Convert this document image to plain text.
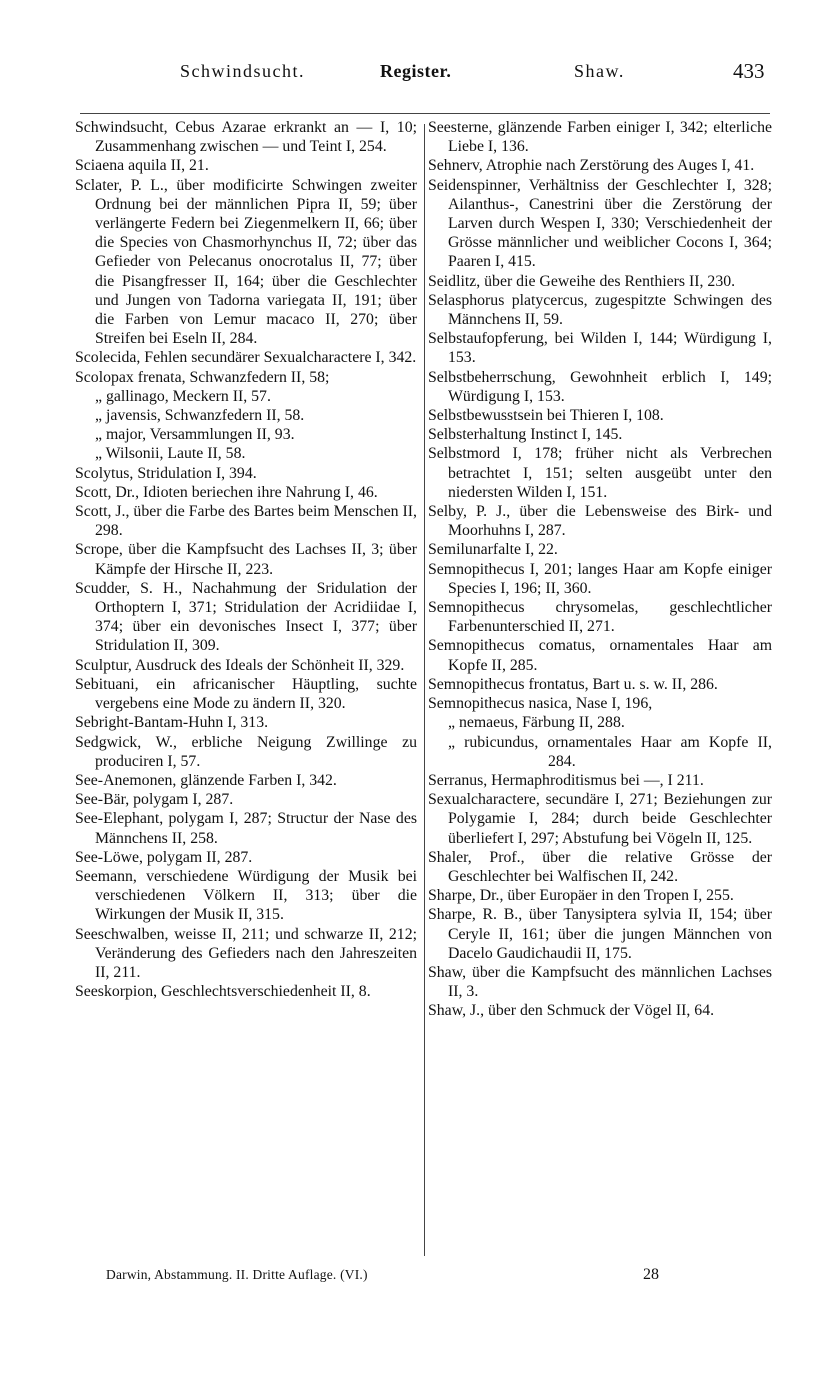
Schwindsucht.	Register.	Shaw.	433
Schwindsucht, Cebus Azarae erkrankt an — I, 10; Zusammenhang zwischen — und Teint I, 254.
Sciaena aquila II, 21.
Sclater, P. L., über modificirte Schwingen zweiter Ordnung bei der männlichen Pipra II, 59; über verlängerte Federn bei Ziegenmelkern II, 66; über die Species von Chasmorhynchus II, 72; über das Gefieder von Pelecanus onocrotalus II, 77; über die Pisangfresser II, 164; über die Geschlechter und Jungen von Tadorna variegata II, 191; über die Farben von Lemur macaco II, 270; über Streifen bei Eseln II, 284.
Scolecida, Fehlen secundärer Sexualcharactere I, 342.
Scolopax frenata, Schwanzfedern II, 58;
„ gallinago, Meckern II, 57.
„ javensis, Schwanzfedern II, 58.
„ major, Versammlungen II, 93.
„ Wilsonii, Laute II, 58.
Scolytus, Stridulation I, 394.
Scott, Dr., Idioten beriechen ihre Nahrung I, 46.
Scott, J., über die Farbe des Bartes beim Menschen II, 298.
Scrope, über die Kampfsucht des Lachses II, 3; über Kämpfe der Hirsche II, 223.
Scudder, S. H., Nachahmung der Sridulation der Orthoptern I, 371; Stridulation der Acridiidae I, 374; über ein devonisches Insect I, 377; über Stridulation II, 309.
Sculptur, Ausdruck des Ideals der Schönheit II, 329.
Sebituani, ein africanischer Häuptling, suchte vergebens eine Mode zu ändern II, 320.
Sebright-Bantam-Huhn I, 313.
Sedgwick, W., erbliche Neigung Zwillinge zu produciren I, 57.
See-Anemonen, glänzende Farben I, 342.
See-Bär, polygam I, 287.
See-Elephant, polygam I, 287; Structur der Nase des Männchens II, 258.
See-Löwe, polygam II, 287.
Seemann, verschiedene Würdigung der Musik bei verschiedenen Völkern II, 313; über die Wirkungen der Musik II, 315.
Seeschwalben, weisse II, 211; und schwarze II, 212; Veränderung des Gefieders nach den Jahreszeiten II, 211.
Seeskorpion, Geschlechtsverschiedenheit II, 8.
Seesterne, glänzende Farben einiger I, 342; elterliche Liebe I, 136.
Sehnerv, Atrophie nach Zerstörung des Auges I, 41.
Seidenspinner, Verhältniss der Geschlechter I, 328; Ailanthus-, Canestrini über die Zerstörung der Larven durch Wespen I, 330; Verschiedenheit der Grösse männlicher und weiblicher Cocons I, 364; Paaren I, 415.
Seidlitz, über die Geweihe des Renthiers II, 230.
Selasphorus platycercus, zugespitzte Schwingen des Männchens II, 59.
Selbstaufopferung, bei Wilden I, 144; Würdigung I, 153.
Selbstbeherrschung, Gewohnheit erblich I, 149; Würdigung I, 153.
Selbstbewusstsein bei Thieren I, 108.
Selbsterhaltung Instinct I, 145.
Selbstmord I, 178; früher nicht als Verbrechen betrachtet I, 151; selten ausgeübt unter den niedersten Wilden I, 151.
Selby, P. J., über die Lebensweise des Birk- und Moorhuhns I, 287.
Semilunarfalte I, 22.
Semnopithecus I, 201; langes Haar am Kopfe einiger Species I, 196; II, 360.
Semnopithecus chrysomelas, geschlechtlicher Farbenunterschied II, 271.
Semnopithecus comatus, ornamentales Haar am Kopfe II, 285.
Semnopithecus frontatus, Bart u. s. w. II, 286.
Semnopithecus nasica, Nase I, 196,
„ nemaeus, Färbung II, 288.
„ rubicundus, ornamentales Haar am Kopfe II, 284.
Serranus, Hermaphroditismus bei —, I 211.
Sexualcharactere, secundäre I, 271; Beziehungen zur Polygamie I, 284; durch beide Geschlechter überliefert I, 297; Abstufung bei Vögeln II, 125.
Shaler, Prof., über die relative Grösse der Geschlechter bei Walfischen II, 242.
Sharpe, Dr., über Europäer in den Tropen I, 255.
Sharpe, R. B., über Tanysiptera sylvia II, 154; über Ceryle II, 161; über die jungen Männchen von Dacelo Gaudichaudii II, 175.
Shaw, über die Kampfsucht des männlichen Lachses II, 3.
Shaw, J., über den Schmuck der Vögel II, 64.
Darwin, Abstammung. II. Dritte Auflage. (VI.)	28
